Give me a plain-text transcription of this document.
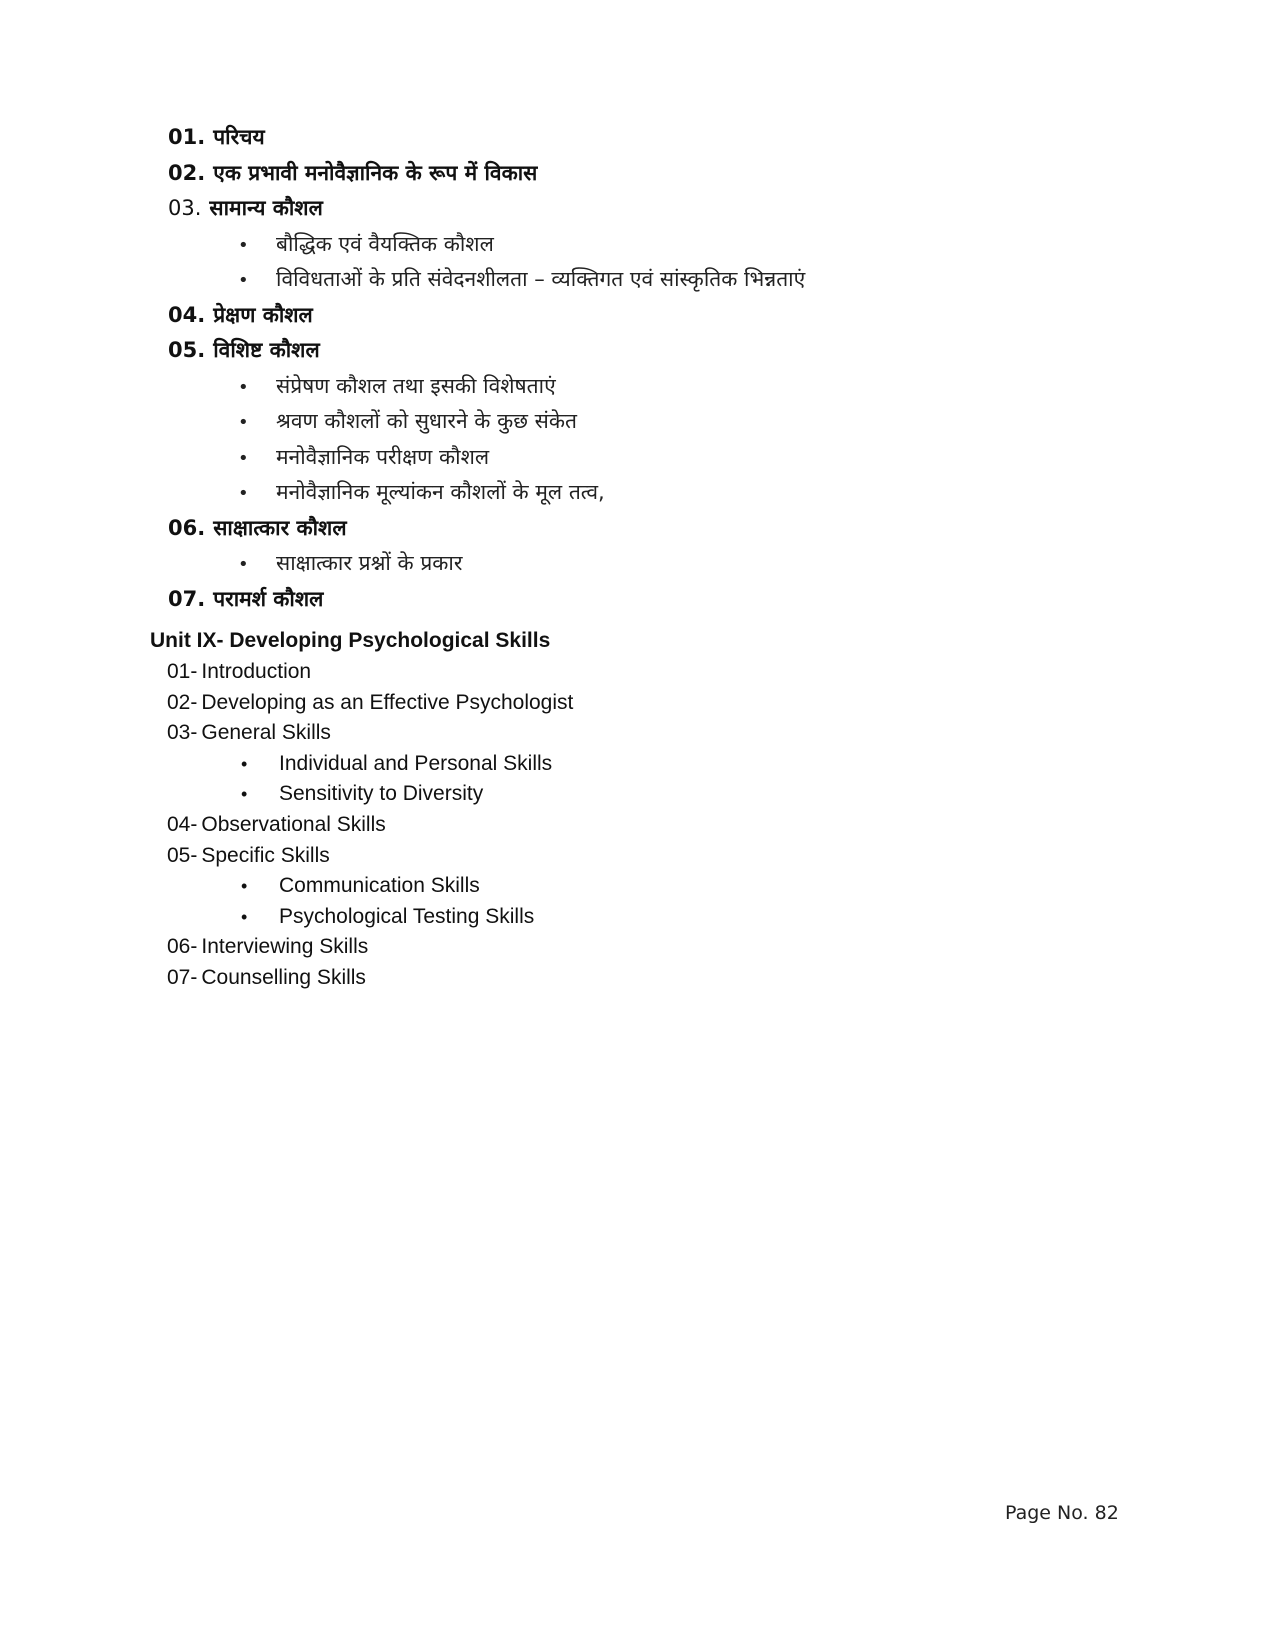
01. परिचय
02. एक प्रभावी मनोवैज्ञानिक के रूप में विकास
03. सामान्य कौशल
• बौद्धिक एवं वैयक्तिक कौशल
• विविधताओं के प्रति संवेदनशीलता – व्यक्तिगत एवं सांस्कृतिक भिन्नताएं
04. प्रेक्षण कौशल
05. विशिष्ट कौशल
• संप्रेषण कौशल तथा इसकी विशेषताएं
• श्रवण कौशलों को सुधारने के कुछ संकेत
• मनोवैज्ञानिक परीक्षण कौशल
• मनोवैज्ञानिक मूल्यांकन कौशलों के मूल तत्व,
06. साक्षात्कार कौशल
• साक्षात्कार प्रश्नों के प्रकार
07. परामर्श कौशल
Unit IX- Developing Psychological Skills
01- Introduction
02- Developing as an Effective Psychologist
03- General Skills
• Individual and Personal Skills
• Sensitivity to Diversity
04- Observational Skills
05- Specific Skills
• Communication Skills
• Psychological Testing Skills
06- Interviewing Skills
07- Counselling Skills
Page No. 82
